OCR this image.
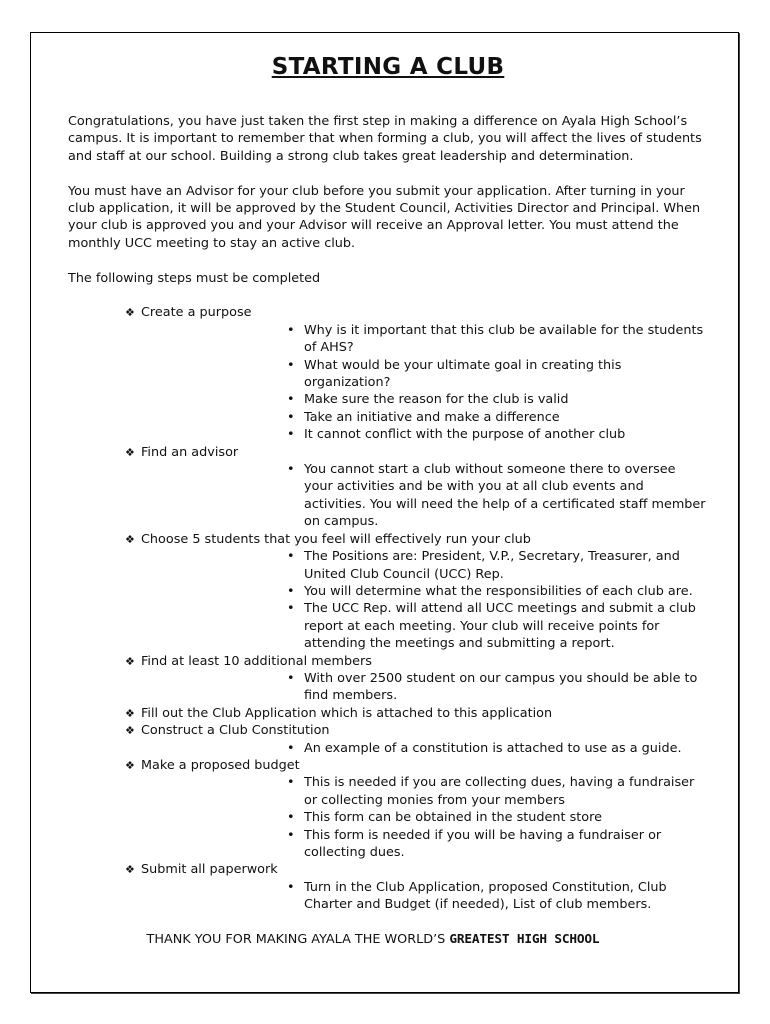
STARTING A CLUB

Congratulations, you have just taken the first step in making a difference on Ayala High School’s campus. It is important to remember that when forming a club, you will affect the lives of students and staff at our school. Building a strong club takes great leadership and determination.

You must have an Advisor for your club before you submit your application. After turning in your club application, it will be approved by the Student Council, Activities Director and Principal. When your club is approved you and your Advisor will receive an Approval letter. You must attend the monthly UCC meeting to stay an active club.

The following steps must be completed

❖ Create a purpose
• Why is it important that this club be available for the students of AHS?
• What would be your ultimate goal in creating this organization?
• Make sure the reason for the club is valid
• Take an initiative and make a difference
• It cannot conflict with the purpose of another club
❖ Find an advisor
• You cannot start a club without someone there to oversee your activities and be with you at all club events and activities. You will need the help of a certificated staff member on campus.
❖ Choose 5 students that you feel will effectively run your club
• The Positions are: President, V.P., Secretary, Treasurer, and United Club Council (UCC) Rep.
• You will determine what the responsibilities of each club are.
• The UCC Rep. will attend all UCC meetings and submit a club report at each meeting. Your club will receive points for attending the meetings and submitting a report.
❖ Find at least 10 additional members
• With over 2500 student on our campus you should be able to find members.
❖ Fill out the Club Application which is attached to this application
❖ Construct a Club Constitution
• An example of a constitution is attached to use as a guide.
❖ Make a proposed budget
• This is needed if you are collecting dues, having a fundraiser or collecting monies from your members
• This form can be obtained in the student store
• This form is needed if you will be having a fundraiser or collecting dues.
❖ Submit all paperwork
• Turn in the Club Application, proposed Constitution, Club Charter and Budget (if needed), List of club members.
THANK YOU FOR MAKING AYALA THE WORLD’S GREATEST HIGH SCHOOL
